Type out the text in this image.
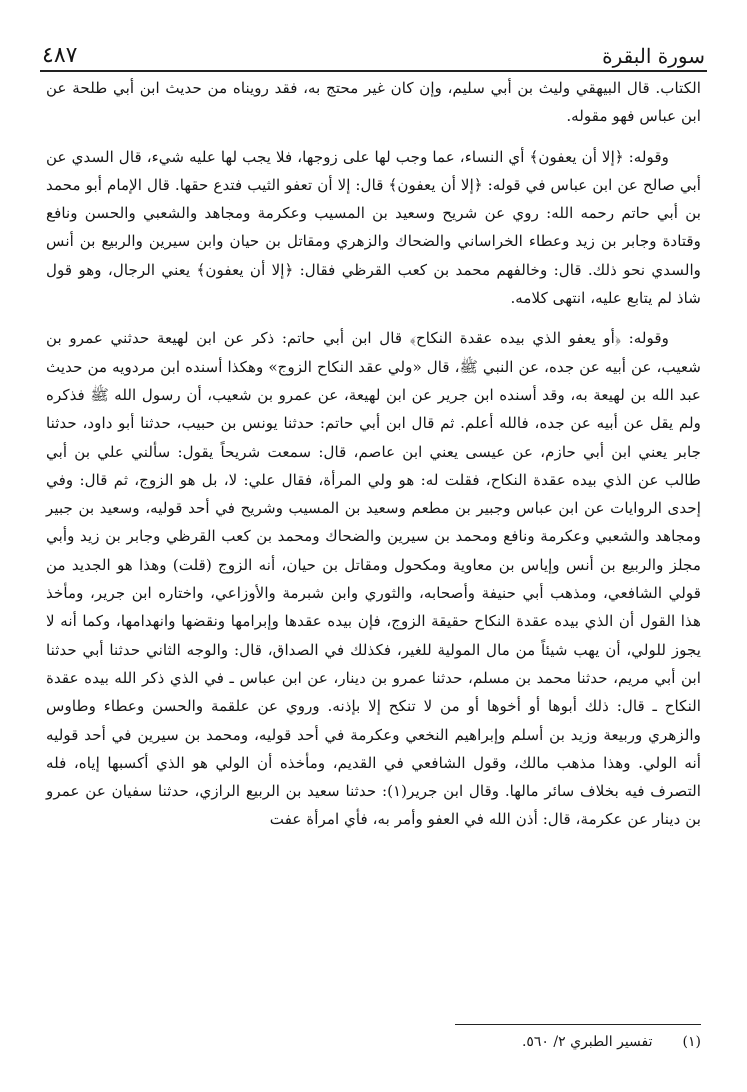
سورة البقرة
٤٨٧

الكتاب. قال البيهقي وليث بن أبي سليم، وإن كان غير محتج به، فقد رويناه من حديث ابن أبي طلحة عن ابن عباس فهو مقوله.

وقوله: ﴿إلا أن يعفون﴾ أي النساء، عما وجب لها على زوجها، فلا يجب لها عليه شيء، قال السدي عن أبي صالح عن ابن عباس في قوله: ﴿إلا أن يعفون﴾ قال: إلا أن تعفو الثيب فتدع حقها. قال الإمام أبو محمد بن أبي حاتم رحمه الله: روي عن شريح وسعيد بن المسيب وعكرمة ومجاهد والشعبي والحسن ونافع وقتادة وجابر بن زيد وعطاء الخراساني والضحاك والزهري ومقاتل بن حيان وابن سيرين والربيع بن أنس والسدي نحو ذلك. قال: وخالفهم محمد بن كعب القرظي فقال: ﴿إلا أن يعفون﴾ يعني الرجال، وهو قول شاذ لم يتابع عليه، انتهى كلامه.

وقوله: ﴿أو يعفو الذي بيده عقدة النكاح﴾ قال ابن أبي حاتم: ذكر عن ابن لهيعة حدثني عمرو بن شعيب، عن أبيه عن جده، عن النبي ﷺ، قال «ولي عقد النكاح الزوج» وهكذا أسنده ابن مردويه من حديث عبد الله بن لهيعة به، وقد أسنده ابن جرير عن ابن لهيعة، عن عمرو بن شعيب، أن رسول الله ﷺ فذكره ولم يقل عن أبيه عن جده، فالله أعلم. ثم قال ابن أبي حاتم: حدثنا يونس بن حبيب، حدثنا أبو داود، حدثنا جابر يعني ابن أبي حازم، عن عيسى يعني ابن عاصم، قال: سمعت شريحاً يقول: سألني علي بن أبي طالب عن الذي بيده عقدة النكاح، فقلت له: هو ولي المرأة، فقال علي: لا، بل هو الزوج، ثم قال: وفي إحدى الروايات عن ابن عباس وجبير بن مطعم وسعيد بن المسيب وشريح في أحد قوليه، وسعيد بن جبير ومجاهد والشعبي وعكرمة ونافع ومحمد بن سيرين والضحاك ومحمد بن كعب القرظي وجابر بن زيد وأبي مجلز والربيع بن أنس وإياس بن معاوية ومكحول ومقاتل بن حيان، أنه الزوج (قلت) وهذا هو الجديد من قولي الشافعي، ومذهب أبي حنيفة وأصحابه، والثوري وابن شبرمة والأوزاعي، واختاره ابن جرير، ومأخذ هذا القول أن الذي بيده عقدة النكاح حقيقة الزوج، فإن بيده عقدها وإبرامها ونقضها وانهدامها، وكما أنه لا يجوز للولي، أن يهب شيئاً من مال المولية للغير، فكذلك في الصداق، قال: والوجه الثاني حدثنا أبي حدثنا ابن أبي مريم، حدثنا محمد بن مسلم، حدثنا عمرو بن دينار، عن ابن عباس ـ في الذي ذكر الله بيده عقدة النكاح ـ قال: ذلك أبوها أو أخوها أو من لا تنكح إلا بإذنه. وروي عن علقمة والحسن وعطاء وطاوس والزهري وربيعة وزيد بن أسلم وإبراهيم النخعي وعكرمة في أحد قوليه، ومحمد بن سيرين في أحد قوليه أنه الولي. وهذا مذهب مالك، وقول الشافعي في القديم، ومأخذه أن الولي هو الذي أكسبها إياه، فله التصرف فيه بخلاف سائر مالها. وقال ابن جرير(١): حدثنا سعيد بن الربيع الرازي، حدثنا سفيان عن عمرو بن دينار عن عكرمة، قال: أذن الله في العفو وأمر به، فأي امرأة عفت

(١)
تفسير الطبري ٢/ ٥٦٠.
